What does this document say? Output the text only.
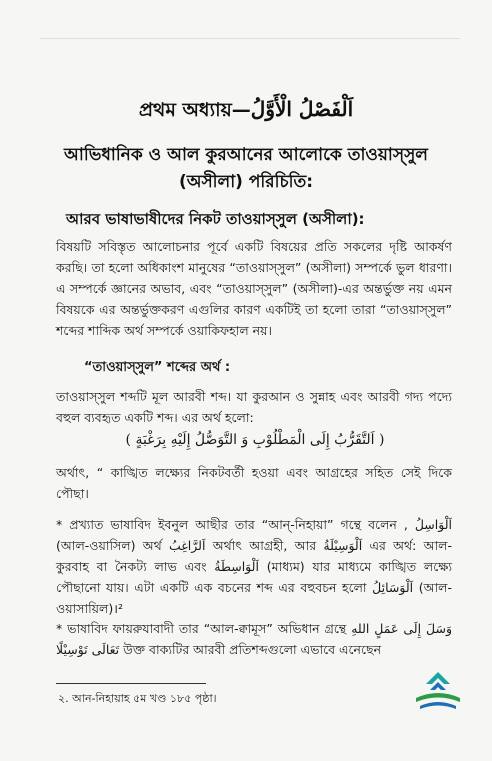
প্রথম অধ্যায়—اَلْفَصْلُ الْأَوَّلُ
আভিধানিক ও আল কুরআনের আলোকে তাওয়াস্‌সুল (অসীলা) পরিচিতি:
আরব ভাষাভাষীদের নিকট তাওয়াস্‌সুল (অসীলা):
বিষয়টি সবিস্তৃত আলোচনার পূর্বে একটি বিষয়ের প্রতি সকলের দৃষ্টি আকর্ষণ করছি। তা হলো অধিকাংশ মানুষের “তাওয়াস্‌সুল” (অসীলা) সম্পর্কে ভুল ধারণা। এ সম্পর্কে জ্ঞানের অভাব, এবং “তাওয়াস্‌সুল” (অসীলা)-এর অন্তর্ভুক্ত নয় এমন বিষয়কে এর অন্তর্ভুক্তকরণ এগুলির কারণ একটিই তা হলো তারা “তাওয়াস্‌সুল” শব্দের শাব্দিক অর্থ সম্পর্কে ওয়াকিফহাল নয়।
“তাওয়াস্‌সুল” শব্দের অর্থ :
তাওয়াস্‌সুল শব্দটি মূল আরবী শব্দ। যা কুরআন ও সুন্নাহ এবং আরবী গদ্য পদ্যে বহুল ব্যবহৃত একটি শব্দ। এর অর্থ হলো:
( اَلتَّقَرُّبُ إِلَى الْمَطْلُوْبِ وَ التَّوَصُّلُ إِلَيْهِ بِرَغْبَةٍ )
অর্থাৎ, “ কাঙ্খিত লক্ষ্যের নিকটবর্তী হওয়া এবং আগ্রহের সহিত সেই দিকে পৌছা।
* প্রখ্যাত ভাষাবিদ ইবনুল আছীর তার “আন্‌-নিহায়া” গন্থে বলেন , اَلْوَاسِلُ (আল-ওয়াসিল) অর্থ اَلرَّاغِبُ অর্থাৎ আগ্রহী, আর اَلْوَسِيْلَةُ এর অর্থ: আল-কুরবাহ বা নৈকট্য লাভ এবং اَلْوَاسِطَةُ (মাধ্যম) যার মাধ্যমে কাঙ্খিত লক্ষ্যে পৌছানো যায়। এটা একটি এক বচনের শব্দ এর বহুবচন হলো اَلْوَسَائِلُ (আল-ওয়াসায়িল)।²
* ভাষাবিদ ফায়রুযাবাদী তার “আল-ক্বামূস” অভিধান গ্রন্থে وَسَلَ إِلَى عَمَلٍ اللهِ تَعَالَى تَوْسِيْلًا উক্ত বাক্যটির আরবী প্রতিশব্দগুলো এভাবে এনেছেন
২. আন-নিহায়াহ ৫ম খণ্ড ১৮৫ পৃষ্ঠা।
